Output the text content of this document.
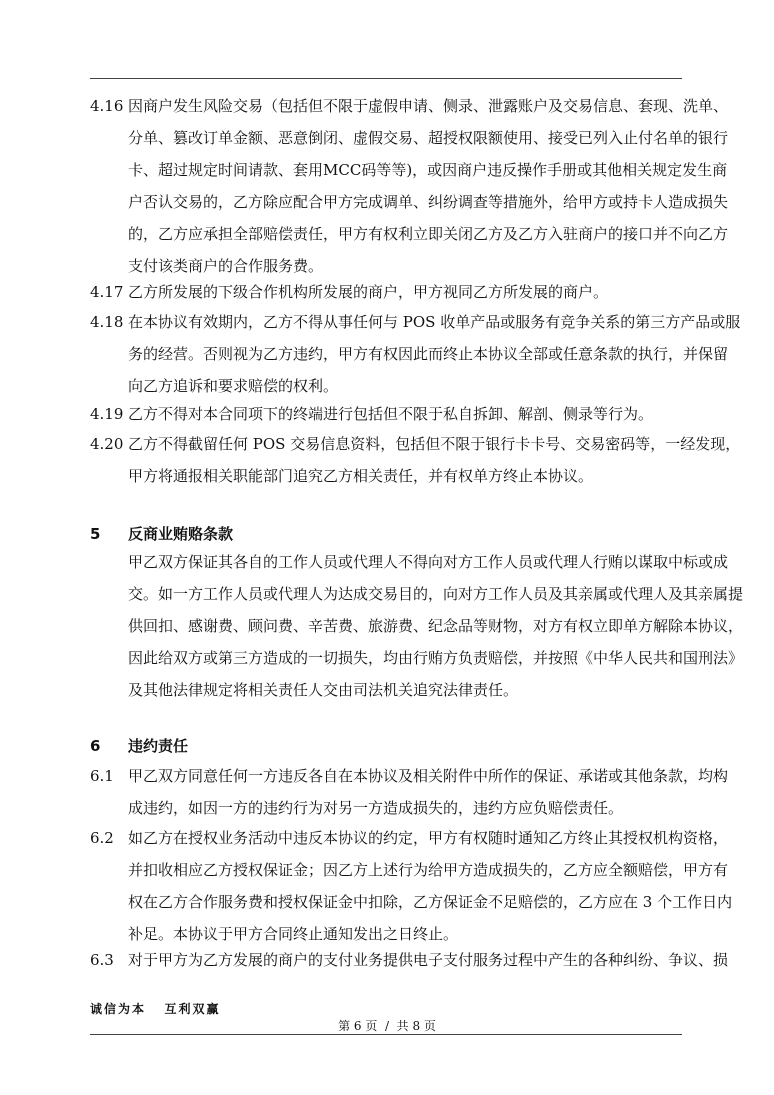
4.16 因商户发生风险交易（包括但不限于虚假申请、侧录、泄露账户及交易信息、套现、洗单、
分单、篡改订单金额、恶意倒闭、虚假交易、超授权限额使用、接受已列入止付名单的银行
卡、超过规定时间请款、套用MCC码等等)，或因商户违反操作手册或其他相关规定发生商
户否认交易的，乙方除应配合甲方完成调单、纠纷调查等措施外，给甲方或持卡人造成损失
的，乙方应承担全部赔偿责任，甲方有权利立即关闭乙方及乙方入驻商户的接口并不向乙方
支付该类商户的合作服务费。
4.17 乙方所发展的下级合作机构所发展的商户，甲方视同乙方所发展的商户。
4.18 在本协议有效期内，乙方不得从事任何与 POS 收单产品或服务有竞争关系的第三方产品或服
务的经营。否则视为乙方违约，甲方有权因此而终止本协议全部或任意条款的执行，并保留
向乙方追诉和要求赔偿的权利。
4.19 乙方不得对本合同项下的终端进行包括但不限于私自拆卸、解剖、侧录等行为。
4.20 乙方不得截留任何 POS 交易信息资料，包括但不限于银行卡卡号、交易密码等，一经发现，
甲方将通报相关职能部门追究乙方相关责任，并有权单方终止本协议。
5 反商业贿赂条款
甲乙双方保证其各自的工作人员或代理人不得向对方工作人员或代理人行贿以谋取中标或成
交。如一方工作人员或代理人为达成交易目的，向对方工作人员及其亲属或代理人及其亲属提
供回扣、感谢费、顾问费、辛苦费、旅游费、纪念品等财物，对方有权立即单方解除本协议，
因此给双方或第三方造成的一切损失，均由行贿方负责赔偿，并按照《中华人民共和国刑法》
及其他法律规定将相关责任人交由司法机关追究法律责任。
6 违约责任
6.1 甲乙双方同意任何一方违反各自在本协议及相关附件中所作的保证、承诺或其他条款，均构
成违约，如因一方的违约行为对另一方造成损失的，违约方应负赔偿责任。
6.2 如乙方在授权业务活动中违反本协议的约定，甲方有权随时通知乙方终止其授权机构资格，
并扣收相应乙方授权保证金；因乙方上述行为给甲方造成损失的，乙方应全额赔偿，甲方有
权在乙方合作服务费和授权保证金中扣除，乙方保证金不足赔偿的，乙方应在 3 个工作日内
补足。本协议于甲方合同终止通知发出之日终止。
6.3 对于甲方为乙方发展的商户的支付业务提供电子支付服务过程中产生的各种纠纷、争议、损
诚信为本   互利双赢
第 6 页  /  共 8 页
